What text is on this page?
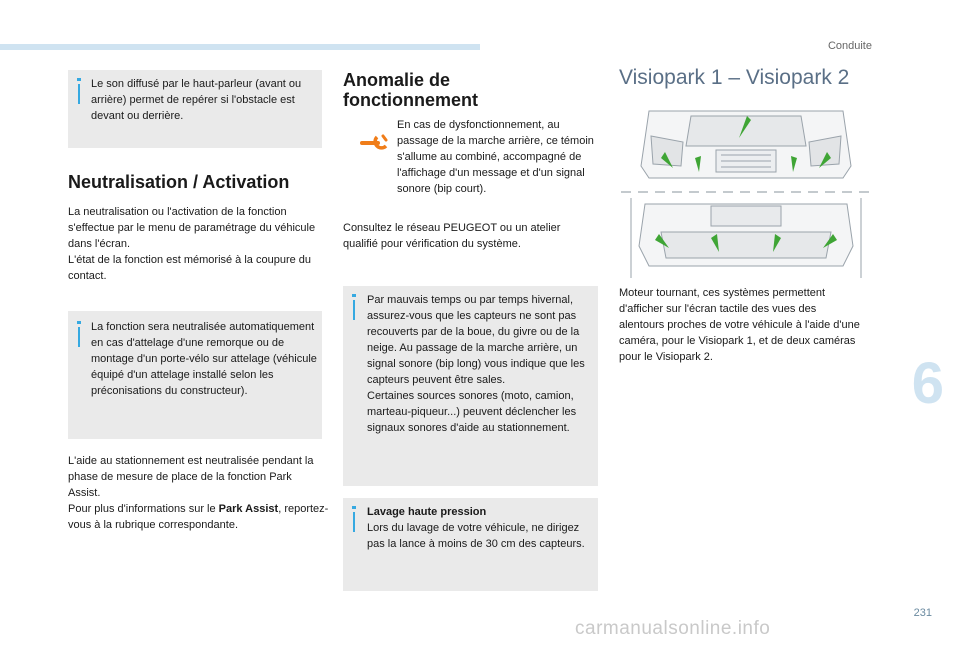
Conduite
Le son diffusé par le haut-parleur (avant ou arrière) permet de repérer si l'obstacle est devant ou derrière.
Neutralisation / Activation

La neutralisation ou l'activation de la fonction s'effectue par le menu de paramétrage du véhicule dans l'écran.

L'état de la fonction est mémorisé à la coupure du contact.

La fonction sera neutralisée automatiquement en cas d'attelage d'une remorque ou de montage d'un porte-vélo sur attelage (véhicule équipé d'un attelage installé selon les préconisations du constructeur).

L'aide au stationnement est neutralisée pendant la phase de mesure de place de la fonction Park Assist.

Pour plus d'informations sur le Park Assist, reportez-vous à la rubrique correspondante.

Anomalie de
fonctionnement

En cas de dysfonctionnement, au passage de la marche arrière, ce témoin s'allume au combiné, accompagné de l'affichage d'un message et d'un signal sonore (bip court).

Consultez le réseau PEUGEOT ou un atelier qualifié pour vérification du système.

Par mauvais temps ou par temps hivernal, assurez-vous que les capteurs ne sont pas recouverts par de la boue, du givre ou de la neige. Au passage de la marche arrière, un signal sonore (bip long) vous indique que les capteurs peuvent être sales.
Certaines sources sonores (moto, camion, marteau-piqueur...) peuvent déclencher les signaux sonores d'aide au stationnement.
Lavage haute pression
Lors du lavage de votre véhicule, ne dirigez pas la lance à moins de 30 cm des capteurs.
Visiopark 1 – Visiopark 2

Moteur tournant, ces systèmes permettent d'afficher sur l'écran tactile des vues des alentours proches de votre véhicule à l'aide d'une caméra, pour le Visiopark 1, et de deux caméras pour le Visiopark 2.	6
231
carmanualsonline.info
